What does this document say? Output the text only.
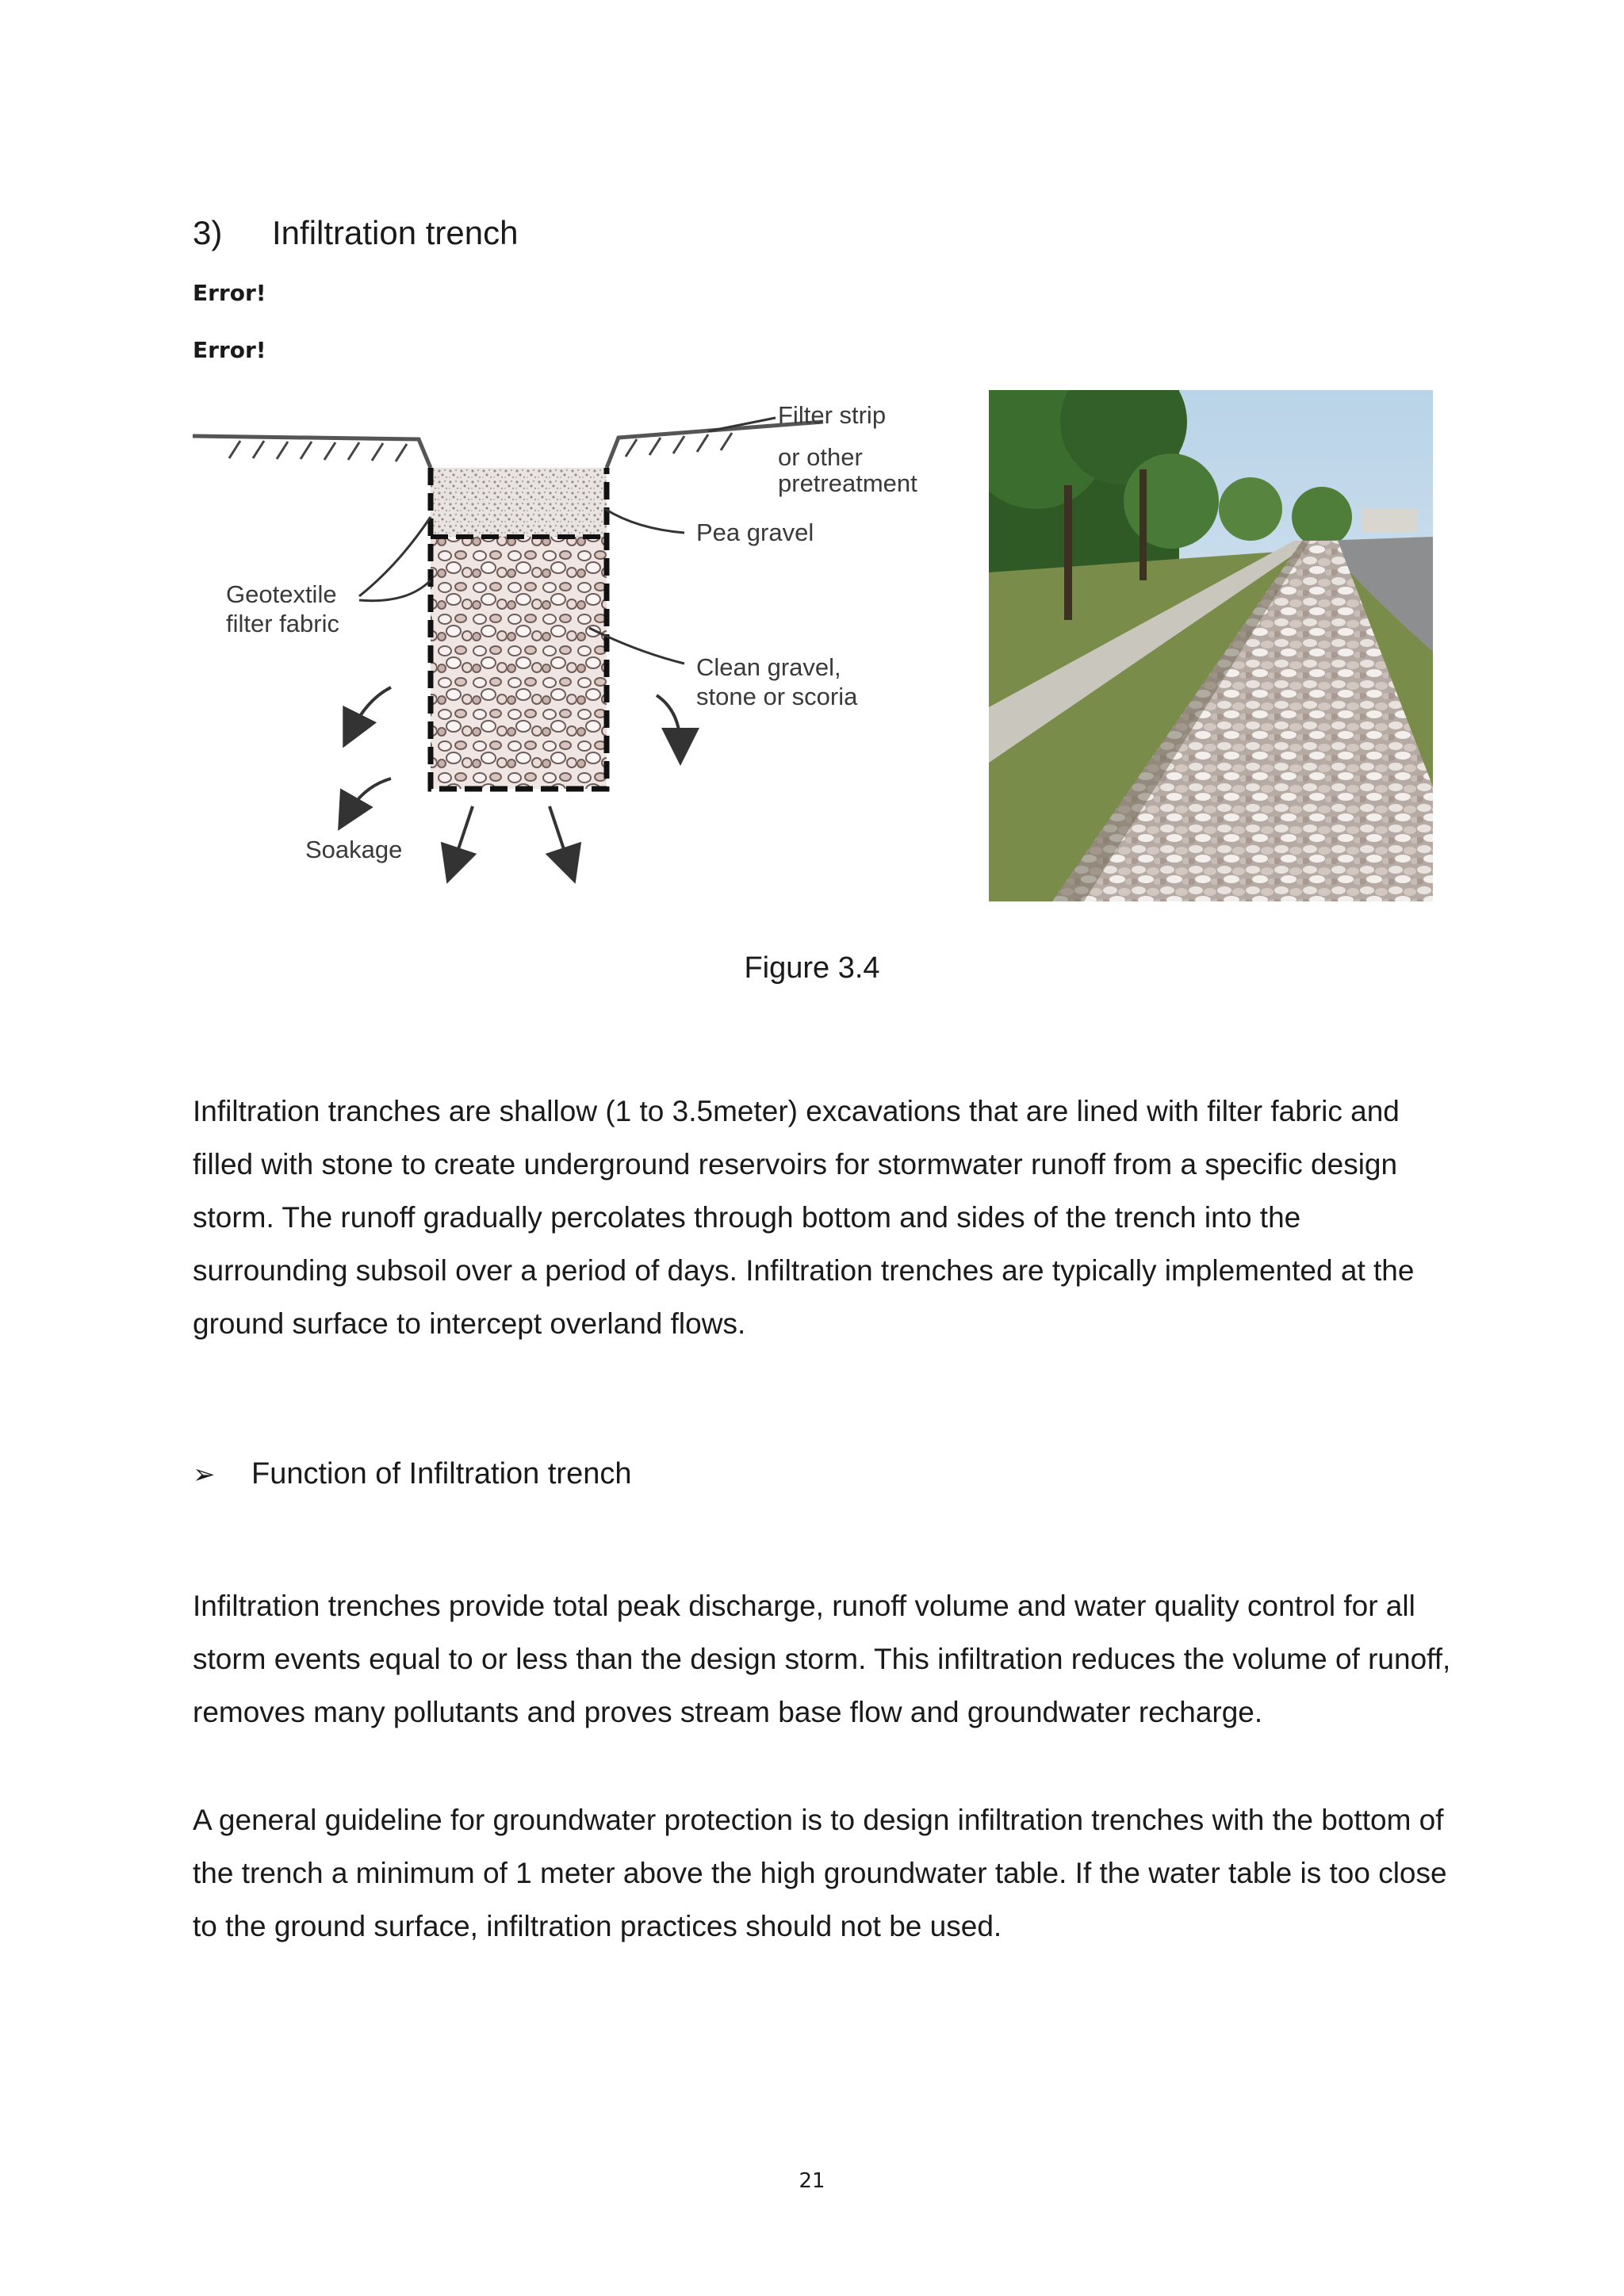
3) Infiltration trench
Error!
Error!
Filter strip
or other
pretreatment
Pea gravel
Geotextile
filter fabric
Clean gravel,
stone or scoria
Soakage
Figure 3.4

Infiltration tranches are shallow (1 to 3.5meter) excavations that are lined with filter fabric and filled with stone to create underground reservoirs for stormwater runoff from a specific design storm. The runoff gradually percolates through bottom and sides of the trench into the surrounding subsoil over a period of days. Infiltration trenches are typically implemented at the ground surface to intercept overland flows.

➢ Function of Infiltration trench

Infiltration trenches provide total peak discharge, runoff volume and water quality control for all storm events equal to or less than the design storm. This infiltration reduces the volume of runoff, removes many pollutants and proves stream base flow and groundwater recharge.

A general guideline for groundwater protection is to design infiltration trenches with the bottom of the trench a minimum of 1 meter above the high groundwater table. If the water table is too close to the ground surface, infiltration practices should not be used.

21
